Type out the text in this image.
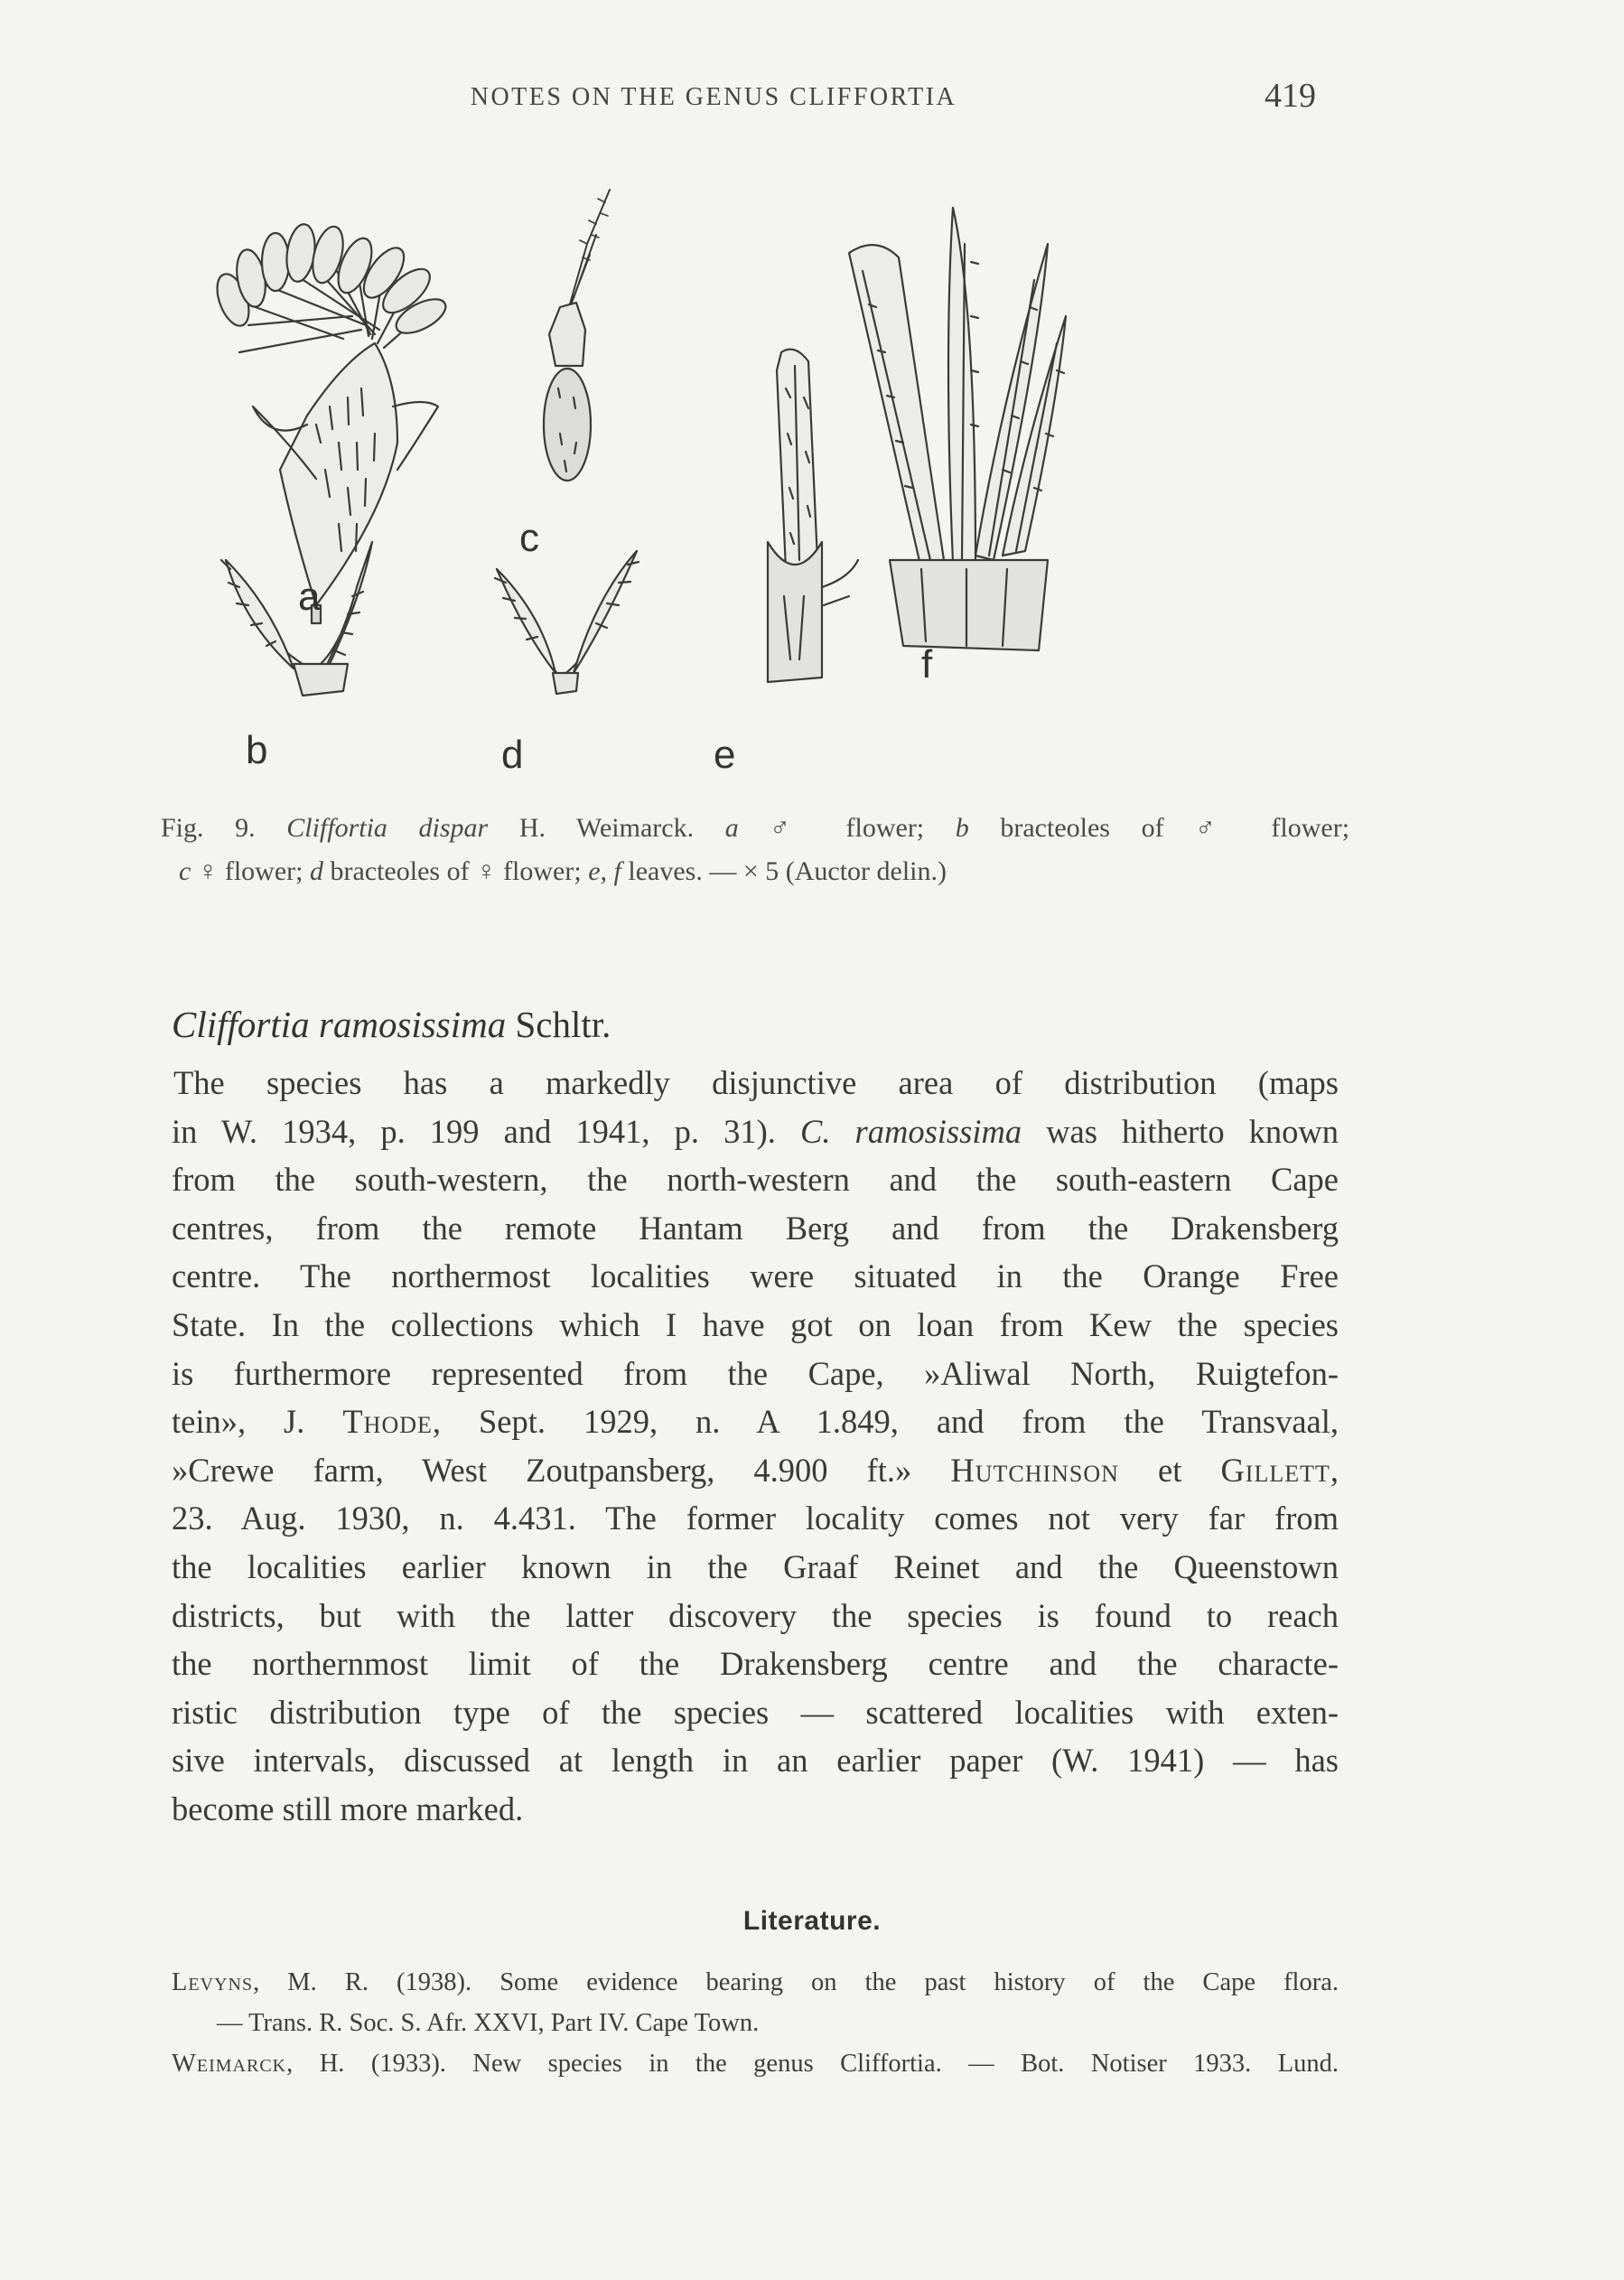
NOTES ON THE GENUS CLIFFORTIA	419
a
b
c
d	e
f
Fig. 9. Cliffortia dispar H. Weimarck. a ♂ flower; b bracteoles of ♂ flower;
c ♀ flower; d bracteoles of ♀ flower; e, f leaves. — × 5 (Auctor delin.)
Cliffortia ramosissima Schltr.
The species has a markedly disjunctive area of distribution (maps
in W. 1934, p. 199 and 1941, p. 31). C. ramosissima was hitherto known
from the south-western, the north-western and the south-eastern Cape
centres, from the remote Hantam Berg and from the Drakensberg
centre. The northermost localities were situated in the Orange Free
State. In the collections which I have got on loan from Kew the species
is furthermore represented from the Cape, »Aliwal North, Ruigtefon-
tein», J. Thode, Sept. 1929, n. A 1.849, and from the Transvaal,
»Crewe farm, West Zoutpansberg, 4.900 ft.» Hutchinson et Gillett,
23. Aug. 1930, n. 4.431. The former locality comes not very far from
the localities earlier known in the Graaf Reinet and the Queenstown
districts, but with the latter discovery the species is found to reach
the northernmost limit of the Drakensberg centre and the characte-
ristic distribution type of the species — scattered localities with exten-
sive intervals, discussed at length in an earlier paper (W. 1941) — has
become still more marked.
Literature.
Levyns, M. R. (1938). Some evidence bearing on the past history of the Cape flora.
— Trans. R. Soc. S. Afr. XXVI, Part IV. Cape Town.
Weimarck, H. (1933). New species in the genus Cliffortia. — Bot. Notiser 1933. Lund.
